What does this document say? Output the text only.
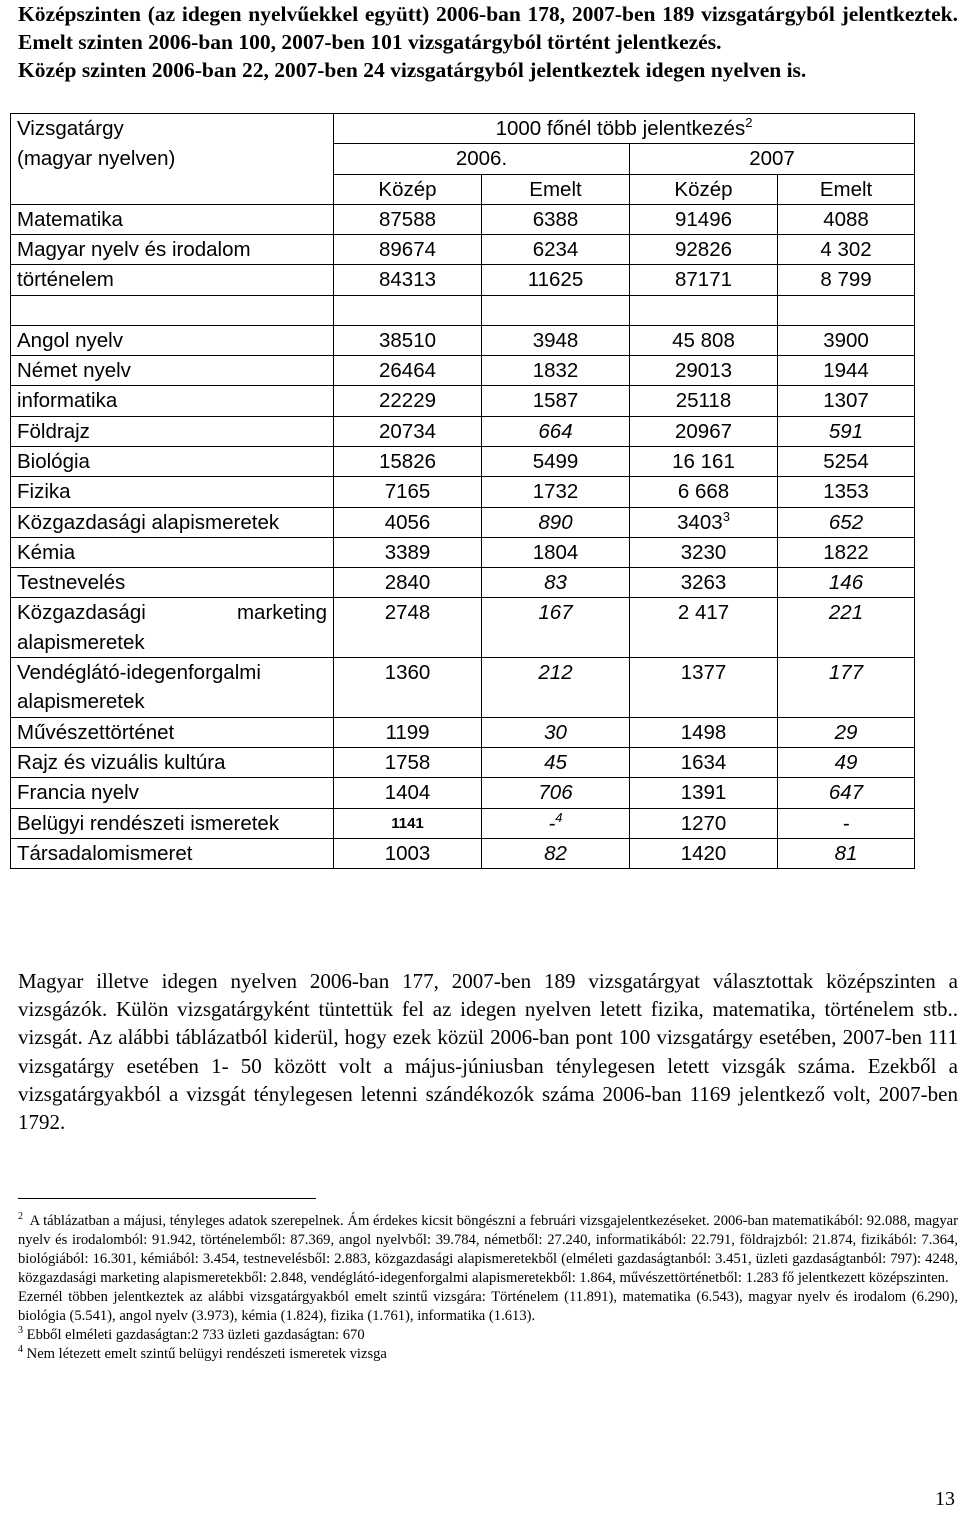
Középszinten (az idegen nyelvűekkel együtt) 2006-ban 178, 2007-ben 189 vizsgatárgyból jelentkeztek. Emelt szinten 2006-ban 100, 2007-ben 101 vizsgatárgyból történt jelentkezés.

Közép szinten 2006-ban 22, 2007-ben 24 vizsgatárgyból jelentkeztek idegen nyelven is.

Vizsgatárgy	1000 főnél több jelentkezés$^2$
(magyar nyelven)	2006.		2007	
	Közép	Emelt	Közép	Emelt
Matematika	87588	6388	91496	4088
Magyar nyelv és irodalom	89674	6234	92826	4 302
történelem	84313	11625	87171	8 799

Angol nyelv	38510	3948	45 808	3900
Német nyelv	26464	1832	29013	1944
informatika	22229	1587	25118	1307
Földrajz	20734	664	20967	591
Biológia	15826	5499	16 161	5254
Fizika	7165	1732	6 668	1353
Közgazdasági alapismeretek	4056	890	3403$^3$	652
Kémia	3389	1804	3230	1822
Testnevelés	2840	83	3263	146
Közgazdasági marketing alapismeretek	2748	167	2 417	221
Vendéglátó-idegenforgalmi alapismeretek	1360	212	1377	177
Művészettörténet	1199	30	1498	29
Rajz és vizuális kultúra	1758	45	1634	49
Francia nyelv	1404	706	1391	647
Belügyi rendészeti ismeretek	1141	-$^4$	1270	-
Társadalomismeret	1003	82	1420	81

Magyar illetve idegen nyelven 2006-ban 177, 2007-ben 189 vizsgatárgyat választottak középszinten a vizsgázók. Külön vizsgatárgyként tüntettük fel az idegen nyelven letett fizika, matematika, történelem stb.. vizsgát. Az alábbi táblázatból kiderül, hogy ezek közül 2006-ban pont 100 vizsgatárgy esetében, 2007-ben 111 vizsgatárgy esetében 1- 50 között volt a május-júniusban ténylegesen letett vizsgák száma. Ezekből a vizsgatárgyakból a vizsgát ténylegesen letenni szándékozók száma 2006-ban 1169 jelentkező volt, 2007-ben 1792.

$^2$ A táblázatban a májusi, tényleges adatok szerepelnek. Ám érdekes kicsit böngészni a februári vizsgajelentkezéseket. 2006-ban matematikából: 92.088, magyar nyelv és irodalomból: 91.942, történelemből: 87.369, angol nyelvből: 39.784, németből: 27.240, informatikából: 22.791, földrajzból: 21.874, fizikából: 7.364, biológiából: 16.301, kémiából: 3.454, testnevelésből: 2.883, közgazdasági alapismeretekből (elméleti gazdaságtanból: 3.451, üzleti gazdaságtanból: 797): 4248, közgazdasági marketing alapismeretekből: 2.848, vendéglátó-idegenforgalmi alapismeretekből: 1.864, művészettörténetből: 1.283 fő jelentkezett középszinten.

Ezernél többen jelentkeztek az alábbi vizsgatárgyakból emelt szintű vizsgára: Történelem (11.891), matematika (6.543), magyar nyelv és irodalom (6.290), biológia (5.541), angol nyelv (3.973), kémia (1.824), fizika (1.761), informatika (1.613).

$^3$ Ebből elméleti gazdaságtan:2 733 üzleti gazdaságtan: 670

$^4$ Nem létezett emelt szintű belügyi rendészeti ismeretek vizsga

13
